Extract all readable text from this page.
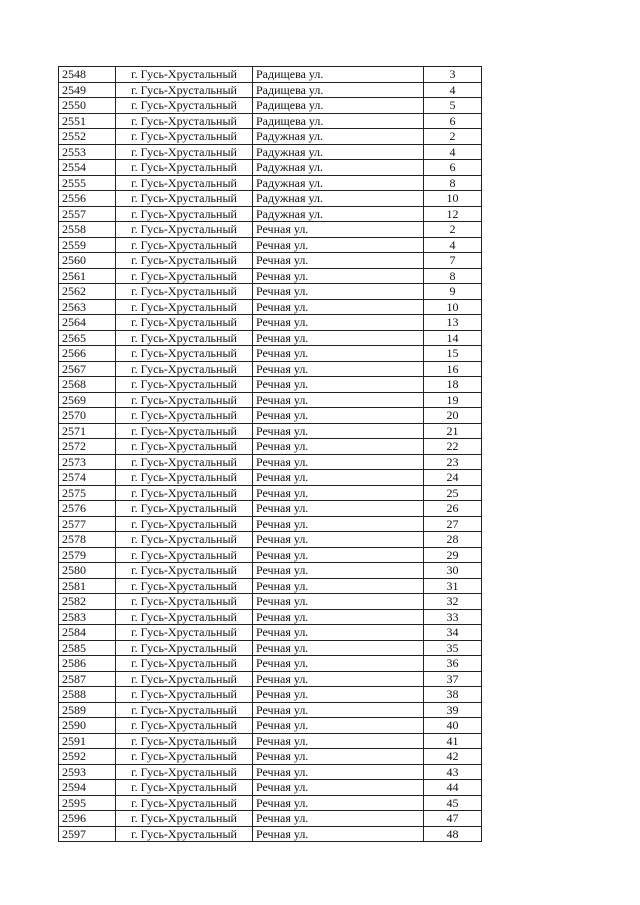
2548	г. Гусь-Хрустальный	Радищева ул.	3
2549	г. Гусь-Хрустальный	Радищева ул.	4
2550	г. Гусь-Хрустальный	Радищева ул.	5
2551	г. Гусь-Хрустальный	Радищева ул.	6
2552	г. Гусь-Хрустальный	Радужная ул.	2
2553	г. Гусь-Хрустальный	Радужная ул.	4
2554	г. Гусь-Хрустальный	Радужная ул.	6
2555	г. Гусь-Хрустальный	Радужная ул.	8
2556	г. Гусь-Хрустальный	Радужная ул.	10
2557	г. Гусь-Хрустальный	Радужная ул.	12
2558	г. Гусь-Хрустальный	Речная ул.	2
2559	г. Гусь-Хрустальный	Речная ул.	4
2560	г. Гусь-Хрустальный	Речная ул.	7
2561	г. Гусь-Хрустальный	Речная ул.	8
2562	г. Гусь-Хрустальный	Речная ул.	9
2563	г. Гусь-Хрустальный	Речная ул.	10
2564	г. Гусь-Хрустальный	Речная ул.	13
2565	г. Гусь-Хрустальный	Речная ул.	14
2566	г. Гусь-Хрустальный	Речная ул.	15
2567	г. Гусь-Хрустальный	Речная ул.	16
2568	г. Гусь-Хрустальный	Речная ул.	18
2569	г. Гусь-Хрустальный	Речная ул.	19
2570	г. Гусь-Хрустальный	Речная ул.	20
2571	г. Гусь-Хрустальный	Речная ул.	21
2572	г. Гусь-Хрустальный	Речная ул.	22
2573	г. Гусь-Хрустальный	Речная ул.	23
2574	г. Гусь-Хрустальный	Речная ул.	24
2575	г. Гусь-Хрустальный	Речная ул.	25
2576	г. Гусь-Хрустальный	Речная ул.	26
2577	г. Гусь-Хрустальный	Речная ул.	27
2578	г. Гусь-Хрустальный	Речная ул.	28
2579	г. Гусь-Хрустальный	Речная ул.	29
2580	г. Гусь-Хрустальный	Речная ул.	30
2581	г. Гусь-Хрустальный	Речная ул.	31
2582	г. Гусь-Хрустальный	Речная ул.	32
2583	г. Гусь-Хрустальный	Речная ул.	33
2584	г. Гусь-Хрустальный	Речная ул.	34
2585	г. Гусь-Хрустальный	Речная ул.	35
2586	г. Гусь-Хрустальный	Речная ул.	36
2587	г. Гусь-Хрустальный	Речная ул.	37
2588	г. Гусь-Хрустальный	Речная ул.	38
2589	г. Гусь-Хрустальный	Речная ул.	39
2590	г. Гусь-Хрустальный	Речная ул.	40
2591	г. Гусь-Хрустальный	Речная ул.	41
2592	г. Гусь-Хрустальный	Речная ул.	42
2593	г. Гусь-Хрустальный	Речная ул.	43
2594	г. Гусь-Хрустальный	Речная ул.	44
2595	г. Гусь-Хрустальный	Речная ул.	45
2596	г. Гусь-Хрустальный	Речная ул.	47
2597	г. Гусь-Хрустальный	Речная ул.	48
